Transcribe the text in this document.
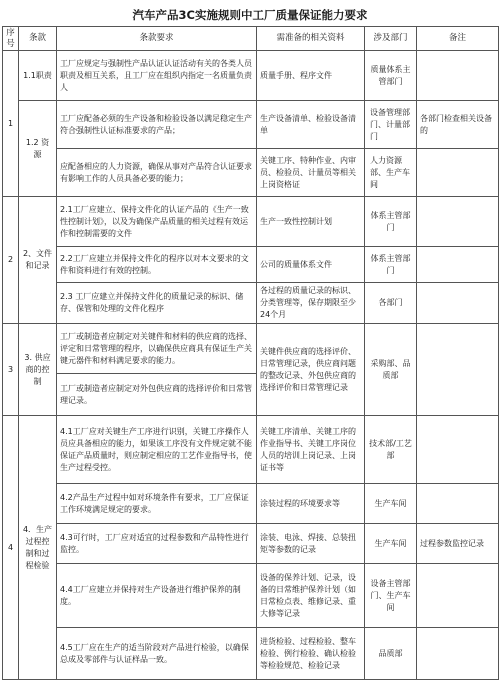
汽车产品3C实施规则中工厂质量保证能力要求
序号	条款	条款要求	需准备的相关资料	涉及部门	备注
1	1.1职责	工厂应规定与强制性产品认证认证活动有关的各类人员职责及相互关系，且工厂应在组织内指定一名质量负责人	质量手册、程序文件	质量体系主管部门	
	1.2 资源	工厂应配备必须的生产设备和检验设备以满足稳定生产符合强制性认证标准要求的产品；	生产设备清单、检验设备清单	设备管理部门、计量部门	各部门检查相关设备的
		应配备相应的人力资源，确保从事对产品符合认证要求有影响工作的人员具备必要的能力；	关键工序、特种作业、内审员、检验员、计量员等相关上岗资格证	人力资源部、生产车间	
2	2、文件和记录	2.1工厂应建立、保持文件化的认证产品的《生产一致性控制计划》，以及为确保产品质量的相关过程有效运作和控制需要的文件	生产一致性控制计划	体系主管部门	
		2.2工厂应建立并保持文件化的程序以对本文要求的文件和资料进行有效的控制。	公司的质量体系文件	体系主管部门	
		2.3 工厂应建立并保持文件化的质量记录的标识、储存、保管和处理的文件化程序	各过程的质量记录的标识、分类管理等，保存期限至少24个月	各部门	
3	3. 供应商的控制	工厂或制造者应制定对关键件和材料的供应商的选择、评定和日常管理的程序，以确保供应商具有保证生产关键元器件和材料满足要求的能力。	关键件供应商的选择评价、日常管理记录，供应商问题的整改记录、外包供应商的选择评价和日常管理记录	采购部、品质部	
		工厂或制造者应制定对外包供应商的选择评价和日常管理记录。			
4	4．生产过程控制和过程检验	4.1工厂应对关键生产工序进行识别，关键工序操作人员应具备相应的能力，如果该工序没有文件规定就不能保证产品质量时，则应制定相应的工艺作业指导书，使生产过程受控。	关键工序清单、关键工序的作业指导书、关键工序岗位人员的培训上岗记录、上岗证书等	技术部/工艺部	
		4.2产品生产过程中如对环境条件有要求，工厂应保证工作环境满足规定的要求。	涂装过程的环境要求等	生产车间	
		4.3可行时，工厂应对适宜的过程参数和产品特性进行监控。	涂装、电泳、焊接、总装扭矩等参数的记录	生产车间	过程参数监控记录
		4.4工厂应建立并保持对生产设备进行维护保养的制度。	设备的保养计划、记录，设备的日常维护保养计划（如日常检点表、维修记录、重大修等记录	设备主管部门、生产车间	
		4.5工厂应在生产的适当阶段对产品进行检验，以确保总成及零部件与认证样品一致。	进货检验、过程检验、整车检验、例行检验、确认检验等检验规范、检验记录	品质部	
